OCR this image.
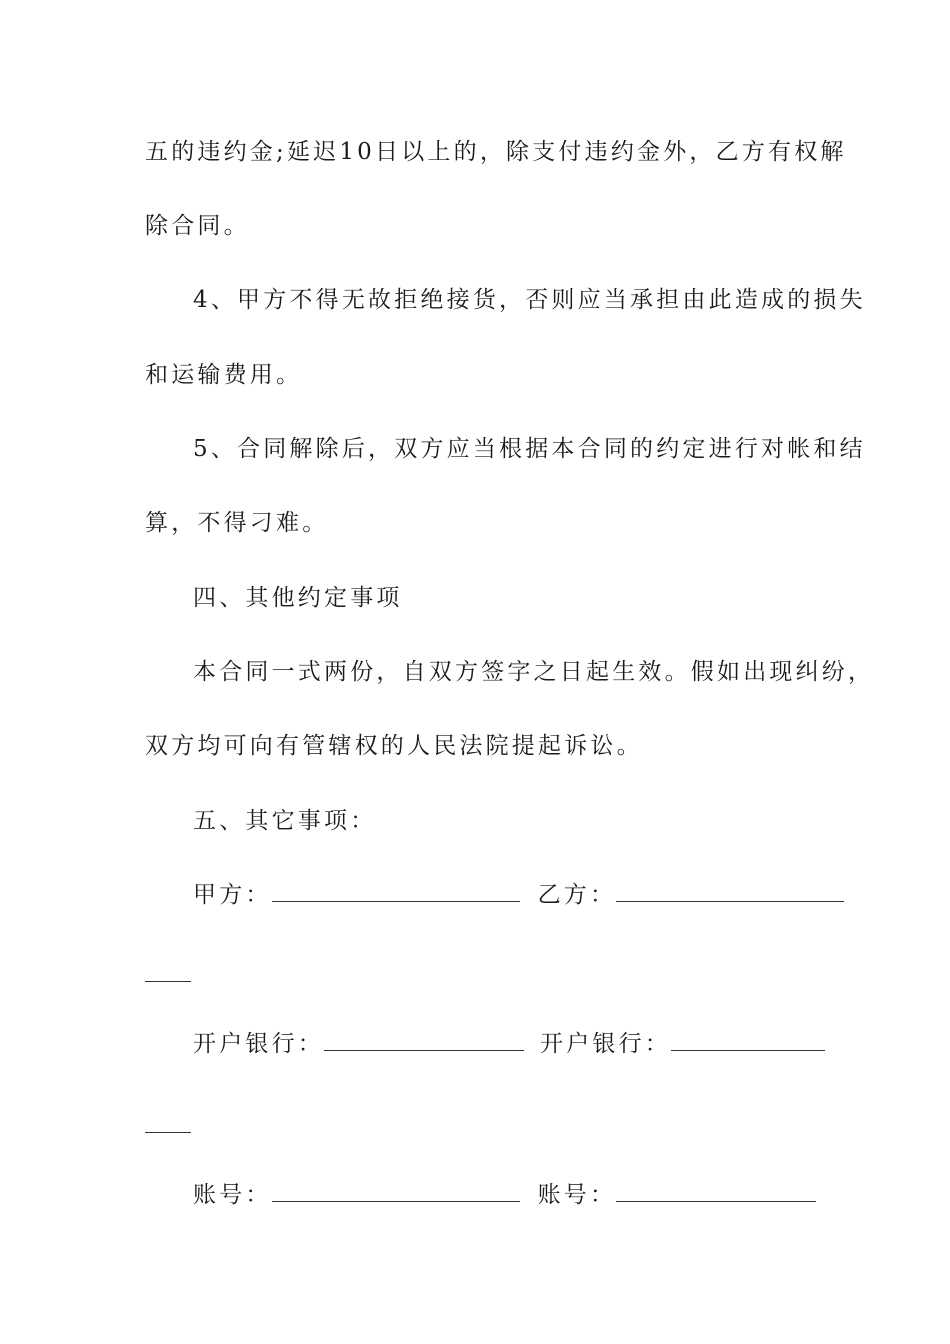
五的违约金;延迟10日以上的，除支付违约金外，乙方有权解
除合同。
4、甲方不得无故拒绝接货，否则应当承担由此造成的损失
和运输费用。
5、合同解除后，双方应当根据本合同的约定进行对帐和结
算，不得刁难。
四、其他约定事项
本合同一式两份，自双方签字之日起生效。假如出现纠纷，
双方均可向有管辖权的人民法院提起诉讼。
五、其它事项：
甲方：	乙方：
开户银行：	开户银行：
账号：	账号：
